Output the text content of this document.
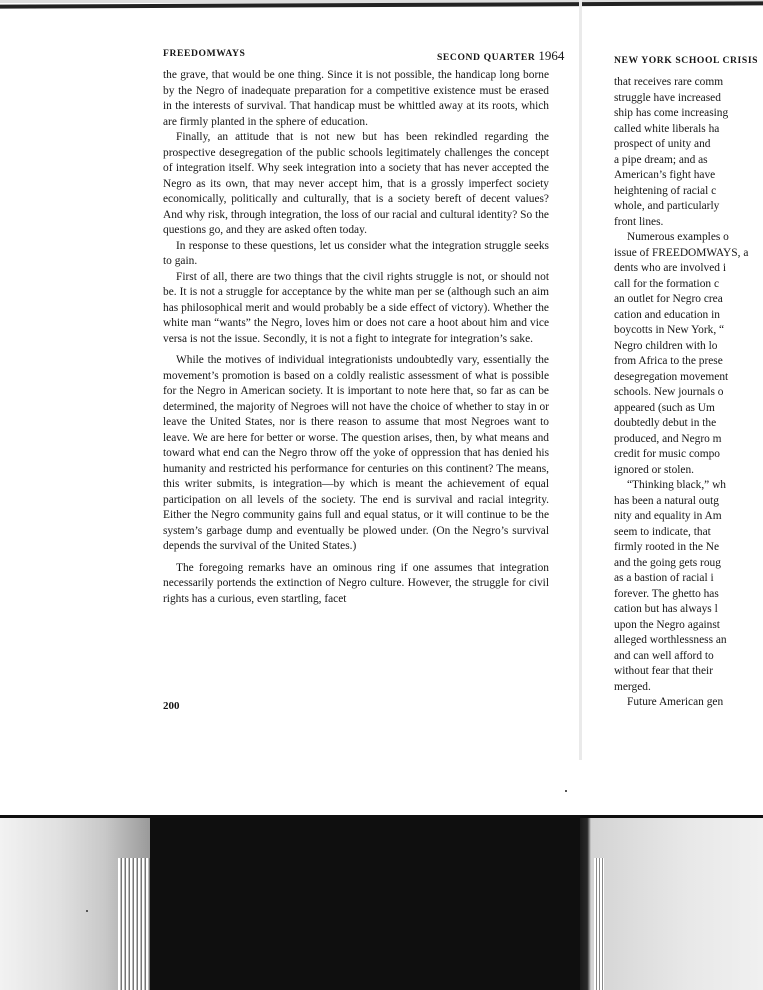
FREEDOMWAYS	SECOND QUARTER 1964

the grave, that would be one thing. Since it is not possible, the handicap long borne by the Negro of inadequate preparation for a competitive existence must be erased in the interests of survival. That handicap must be whittled away at its roots, which are firmly planted in the sphere of education.

Finally, an attitude that is not new but has been rekindled regarding the prospective desegregation of the public schools legitimately challenges the concept of integration itself. Why seek integration into a society that has never accepted the Negro as its own, that may never accept him, that is a grossly imperfect society economically, politically and culturally, that is a society bereft of decent values? And why risk, through integration, the loss of our racial and cultural identity? So the questions go, and they are asked often today.

In response to these questions, let us consider what the integration struggle seeks to gain.

First of all, there are two things that the civil rights struggle is not, or should not be. It is not a struggle for acceptance by the white man per se (although such an aim has philosophical merit and would probably be a side effect of victory). Whether the white man “wants” the Negro, loves him or does not care a hoot about him and vice versa is not the issue. Secondly, it is not a fight to integrate for integration’s sake.

While the motives of individual integrationists undoubtedly vary, essentially the movement’s promotion is based on a coldly realistic assessment of what is possible for the Negro in American society. It is important to note here that, so far as can be determined, the majority of Negroes will not have the choice of whether to stay in or leave the United States, nor is there reason to assume that most Negroes want to leave. We are here for better or worse. The question arises, then, by what means and toward what end can the Negro throw off the yoke of oppression that has denied his humanity and restricted his performance for centuries on this continent? The means, this writer submits, is integration—by which is meant the achievement of equal participation on all levels of the society. The end is survival and racial integrity. Either the Negro community gains full and equal status, or it will continue to be the system’s garbage dump and eventually be plowed under. (On the Negro’s survival depends the survival of the United States.)

The foregoing remarks have an ominous ring if one assumes that integration necessarily portends the extinction of Negro culture. However, the struggle for civil rights has a curious, even startling, facet

200
NEW YORK SCHOOL CRISIS
that receives rare comm
struggle have increased
ship has come increasing
called white liberals ha
prospect of unity and
a pipe dream; and as
American’s fight have
heightening of racial c
whole, and particularly
front lines.
Numerous examples o
issue of FREEDOMWAYS, a
dents who are involved i
call for the formation c
an outlet for Negro crea
cation and education in
boycotts in New York, “
Negro children with lo
from Africa to the prese
desegregation movement
schools. New journals o
appeared (such as Um
doubtedly debut in the
produced, and Negro m
credit for music compo
ignored or stolen.
“Thinking black,” wh
has been a natural outg
nity and equality in Am
seem to indicate, that
firmly rooted in the Ne
and the going gets roug
as a bastion of racial i
forever. The ghetto has
cation but has always l
upon the Negro against
alleged worthlessness an
and can well afford to
without fear that their
merged.
Future American gen
